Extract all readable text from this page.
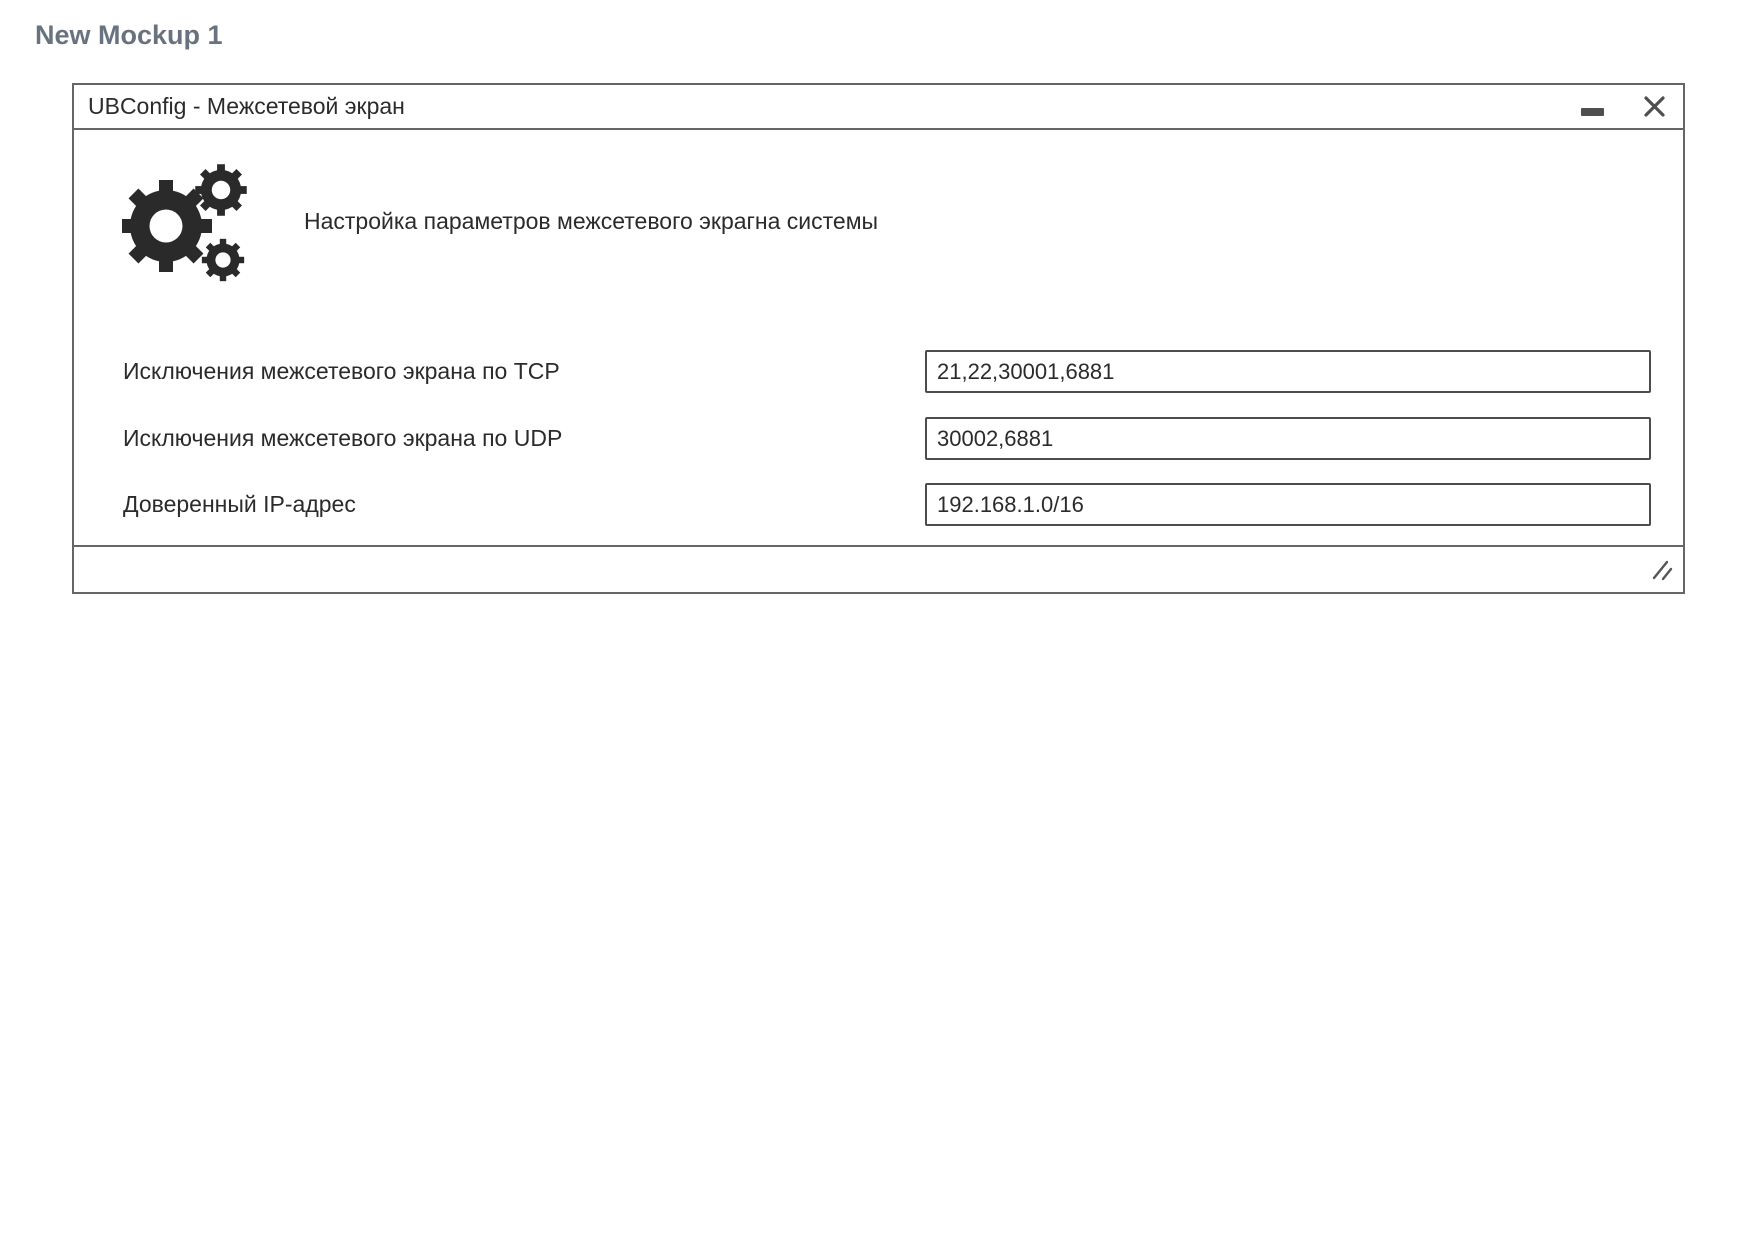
New Mockup 1
UBConfig - Межсетевой экран
Настройка параметров межсетевого экрагна системы
Исключения межсетевого экрана по TCP
21,22,30001,6881
Исключения межсетевого экрана по UDP
30002,6881
Доверенный IP-адрес
192.168.1.0/16
